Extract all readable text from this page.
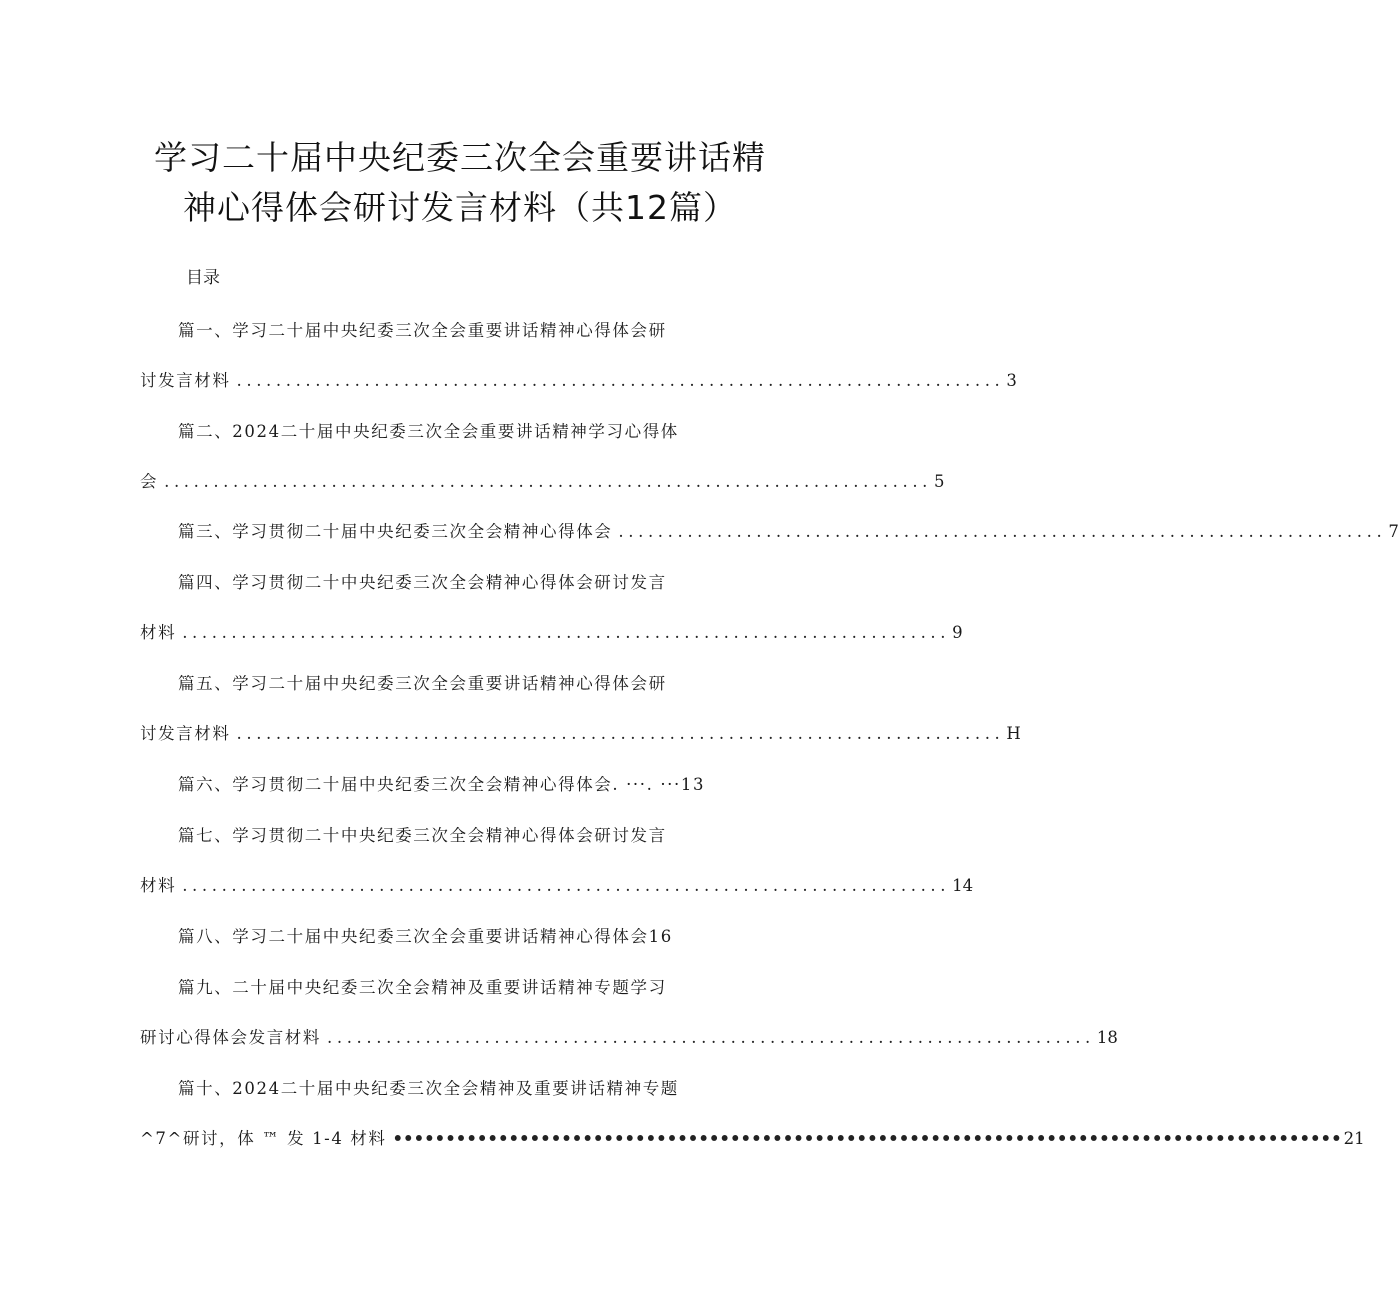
学习二十届中央纪委三次全会重要讲话精
神心得体会研讨发言材料（共12篇）
目录
篇一、学习二十届中央纪委三次全会重要讲话精神心得体会研
讨发言材料 .............................................................................. 3
篇二、2024二十届中央纪委三次全会重要讲话精神学习心得体
会 .............................................................................. 5
篇三、学习贯彻二十届中央纪委三次全会精神心得体会 .............................................................................. 7
篇四、学习贯彻二十中央纪委三次全会精神心得体会研讨发言
材料 .............................................................................. 9
篇五、学习二十届中央纪委三次全会重要讲话精神心得体会研
讨发言材料 .............................................................................. H
篇六、学习贯彻二十届中央纪委三次全会精神心得体会. ···. ···13
篇七、学习贯彻二十中央纪委三次全会精神心得体会研讨发言
材料 .............................................................................. 14
篇八、学习二十届中央纪委三次全会重要讲话精神心得体会16
篇九、二十届中央纪委三次全会精神及重要讲话精神专题学习
研讨心得体会发言材料 .............................................................................. 18
篇十、2024二十届中央纪委三次全会精神及重要讲话精神专题
^7^研讨，体 ™ 发 1-4 材料 •••••••••••••••••••••••••••••••••••••••••••••••••••••••••••••••••••••••••••••••••••••••••• 21
